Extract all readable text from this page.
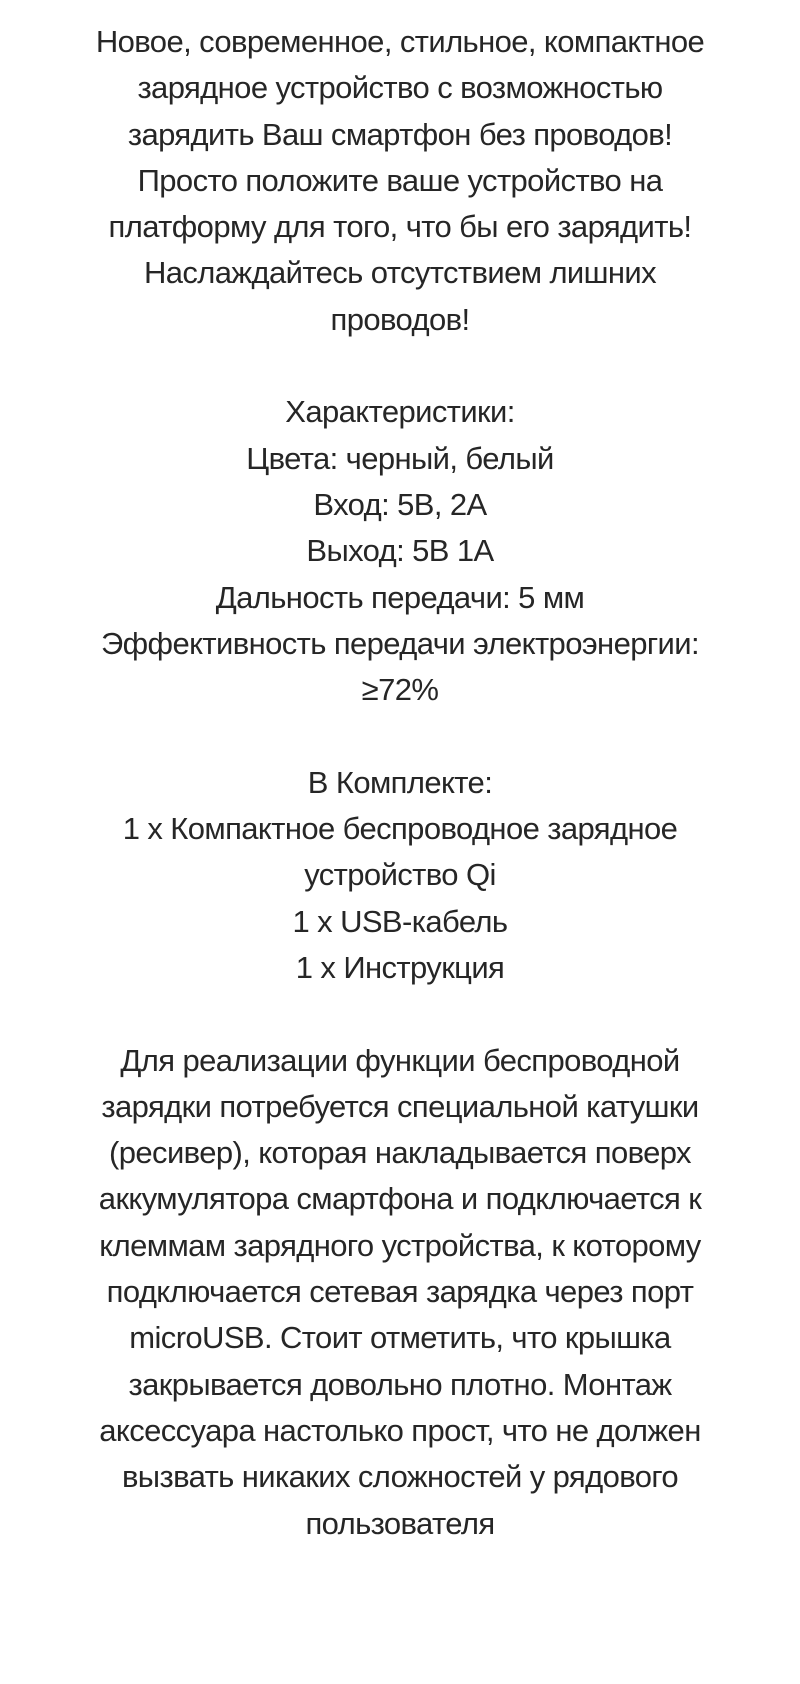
Новое, современное, стильное, компактное
зарядное устройство с возможностью
зарядить Ваш смартфон без проводов!
Просто положите ваше устройство на
платформу для того, что бы его зарядить!
Наслаждайтесь отсутствием лишних
проводов!

Характеристики:
Цвета: черный, белый
Вход: 5В, 2А
Выход: 5В 1А
Дальность передачи: 5 мм
Эффективность передачи электроэнергии:
≥72%

В Комплекте:
1 х Компактное беспроводное зарядное
устройство Qi
1 х USB-кабель
1 х Инструкция

Для реализации функции беспроводной
зарядки потребуется специальной катушки
(ресивер), которая накладывается поверх
аккумулятора смартфона и подключается к
клеммам зарядного устройства, к которому
подключается сетевая зарядка через порт
microUSB. Стоит отметить, что крышка
закрывается довольно плотно. Монтаж
аксессуара настолько прост, что не должен
вызвать никаких сложностей у рядового
пользователя
